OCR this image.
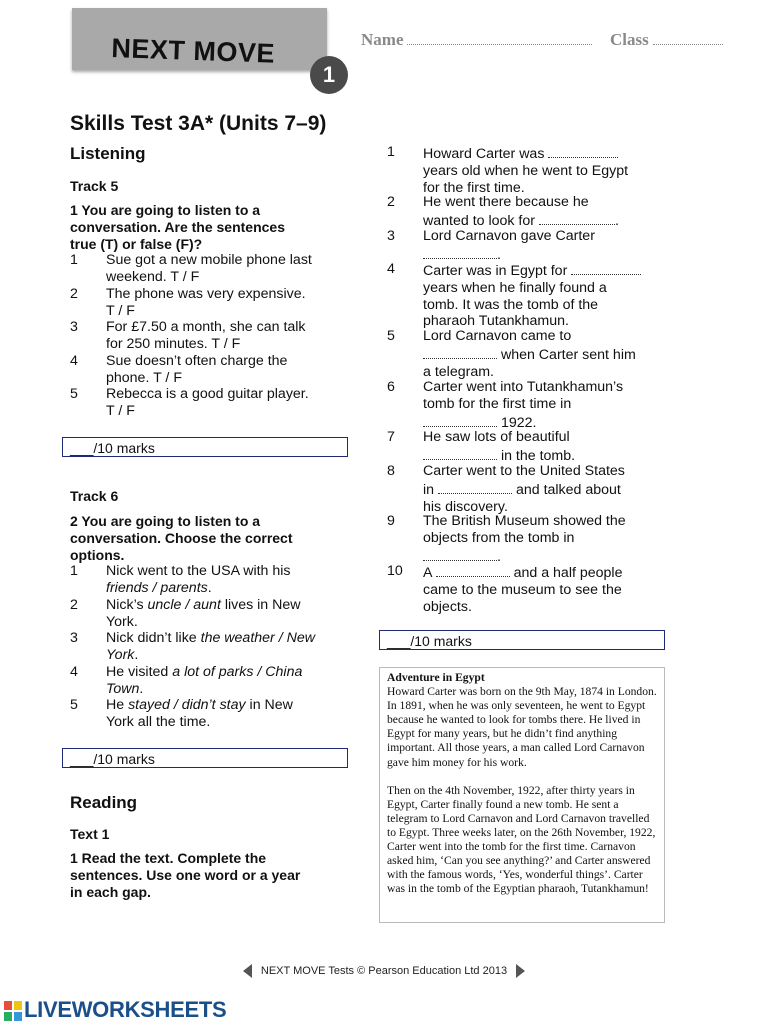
NEXT MOVE
1
Name	Class
Skills Test 3A* (Units 7–9)
Listening
Track 5
1 You are going to listen to a
conversation. Are the sentences
true (T) or false (F)?
1 Sue got a new mobile phone last
weekend. T / F
2 The phone was very expensive.
T / F
3 For £7.50 a month, she can talk
for 250 minutes. T / F
4 Sue doesn’t often charge the
phone. T / F
5 Rebecca is a good guitar player.
T / F
___/10 marks
Track 6
2 You are going to listen to a
conversation. Choose the correct
options.
1 Nick went to the USA with his
friends / parents.
2 Nick’s uncle / aunt lives in New
York.
3 Nick didn’t like the weather / New
York.
4 He visited a lot of parks / China
Town.
5 He stayed / didn’t stay in New
York all the time.
___/10 marks
Reading
Text 1
1 Read the text. Complete the
sentences. Use one word or a year
in each gap.
1 Howard Carter was
years old when he went to Egypt
for the first time.
2 He went there because he
wanted to look for	.
3 Lord Carnavon gave Carter
.
4 Carter was in Egypt for
years when he finally found a
tomb. It was the tomb of the
pharaoh Tutankhamun.
5 Lord Carnavon came to
when Carter sent him
a telegram.
6 Carter went into Tutankhamun’s
tomb for the first time in
1922.
7 He saw lots of beautiful
in the tomb.
8 Carter went to the United States
in	and talked about
his discovery.
9 The British Museum showed the
objects from the tomb in
.
10 A	and a half people
came to the museum to see the
objects.
___/10 marks
Adventure in Egypt

Howard Carter was born on the 9th May, 1874 in London. In 1891, when he was only seventeen, he went to Egypt because he wanted to look for tombs there. He lived in Egypt for many years, but he didn’t find anything important. All those years, a man called Lord Carnavon gave him money for his work.

Then on the 4th November, 1922, after thirty years in Egypt, Carter finally found a new tomb. He sent a telegram to Lord Carnavon and Lord Carnavon travelled to Egypt. Three weeks later, on the 26th November, 1922, Carter went into the tomb for the first time. Carnavon asked him, ‘Can you see anything?’ and Carter answered with the famous words, ‘Yes, wonderful things’. Carter was in the tomb of the Egyptian pharaoh, Tutankhamun!

NEXT MOVE Tests © Pearson Education Ltd 2013
LIVEWORKSHEETS
